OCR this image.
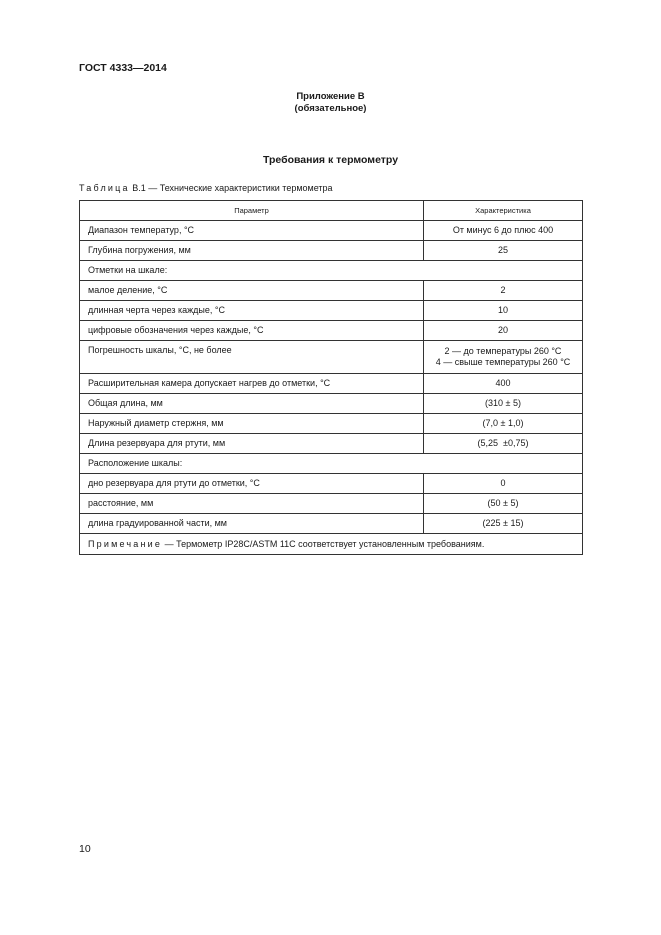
ГОСТ 4333—2014
Приложение В
(обязательное)
Требования к термометру
Таблица В.1 — Технические характеристики термометра
Параметр	Характеристика
Диапазон температур, °С	От минус 6 до плюс 400
Глубина погружения, мм	25
Отметки на шкале:	
малое деление, °С	2
длинная черта через каждые, °С	10
цифровые обозначения через каждые, °С	20
Погрешность шкалы, °С, не более	2 — до температуры 260 °С
4 — свыше температуры 260 °С

Расширительная камера допускает нагрев до отметки, °С	400
Общая длина, мм	(310 ± 5)
Наружный диаметр стержня, мм	(7,0 ± 1,0)
Длина резервуара для ртути, мм	(5,25  ±0,75)
Расположение шкалы:	
дно резервуара для ртути до отметки, °С	0
расстояние, мм	(50 ± 5)
длина градуированной части, мм	(225 ± 15)
Примечание — Термометр IP28C/ASTM 11C соответствует установленным требованиям.	
10
